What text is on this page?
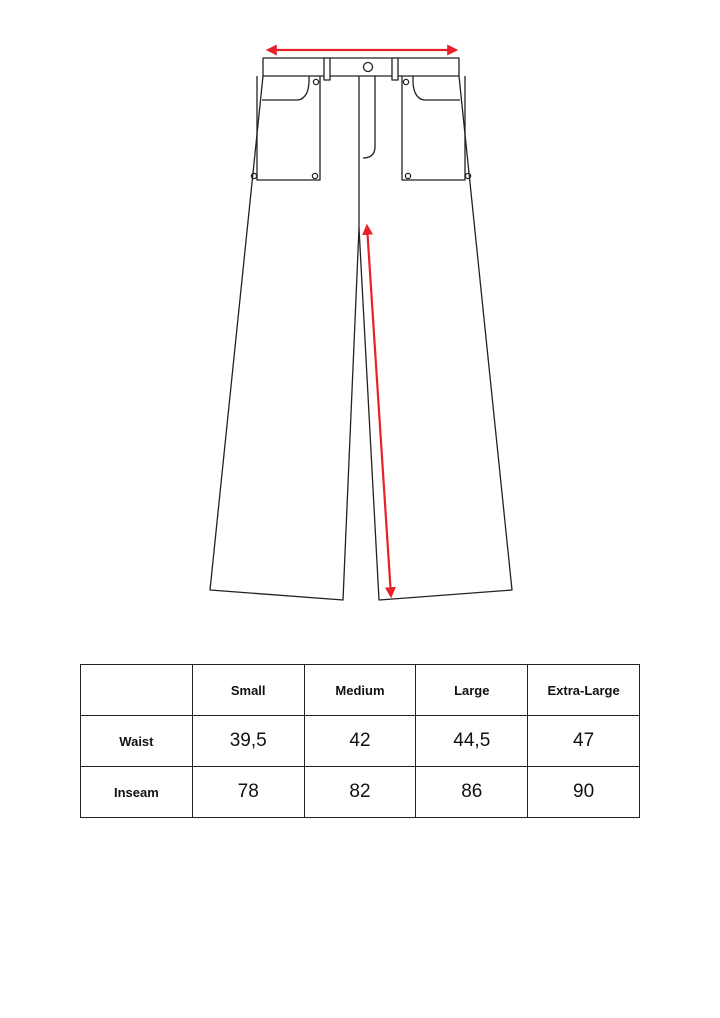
	Small	Medium	Large	Extra-Large
Waist	39,5	42	44,5	47
Inseam	78	82	86	90
